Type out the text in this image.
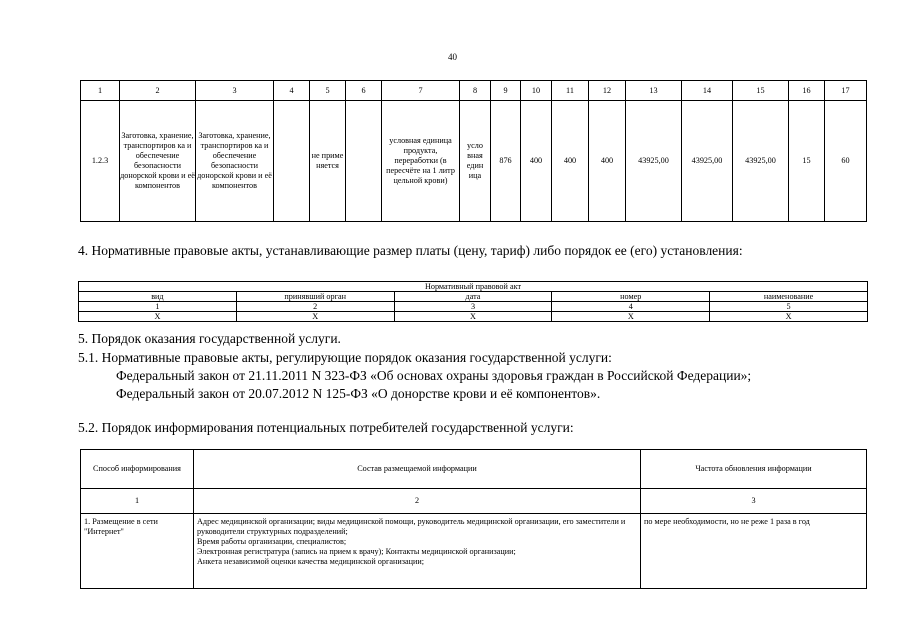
40
1	2	3	4	5	6	7	8	9	10	11	12	13	14	15	16	17
1.2.3	Заготовка, хранение, транспортиров ка и обеспечение безопасности донорской крови и её компонентов	Заготовка, хранение, транспортиров ка и обеспечение безопасности донорской крови и её компонентов		не приме няется		условная единица продукта, переработки (в пересчёте на 1 литр цельной крови)	усло вная един ица	876	400	400	400	43925,00	43925,00	43925,00	15	60
4. Нормативные правовые акты, устанавливающие размер платы (цену, тариф) либо порядок ее (его) установления:
Нормативный правовой акт				
вид	принявший орган	дата	номер	наименование
1	2	3	4	5
Х	Х	Х	Х	Х
5. Порядок оказания государственной услуги.
5.1. Нормативные правовые акты, регулирующие порядок оказания государственной услуги:
Федеральный закон от 21.11.2011 N 323-ФЗ «Об основах охраны здоровья граждан в Российской Федерации»;
Федеральный закон от 20.07.2012 N 125-ФЗ «О донорстве крови и её компонентов».
5.2. Порядок информирования потенциальных потребителей государственной услуги:
Способ информирования	Состав размещаемой информации	Частота обновления информации
1	2	3
1. Размещение в сети "Интернет"	Адрес медицинской организации; виды медицинской помощи, руководитель медицинской организации, его заместители и руководители структурных подразделений;
Время работы организации, специалистов;
Электронная регистратура (запись на прием к врачу); Контакты медицинской организации;
Анкета независимой оценки качества медицинской организации;	по мере необходимости, но не реже 1 раза в год
